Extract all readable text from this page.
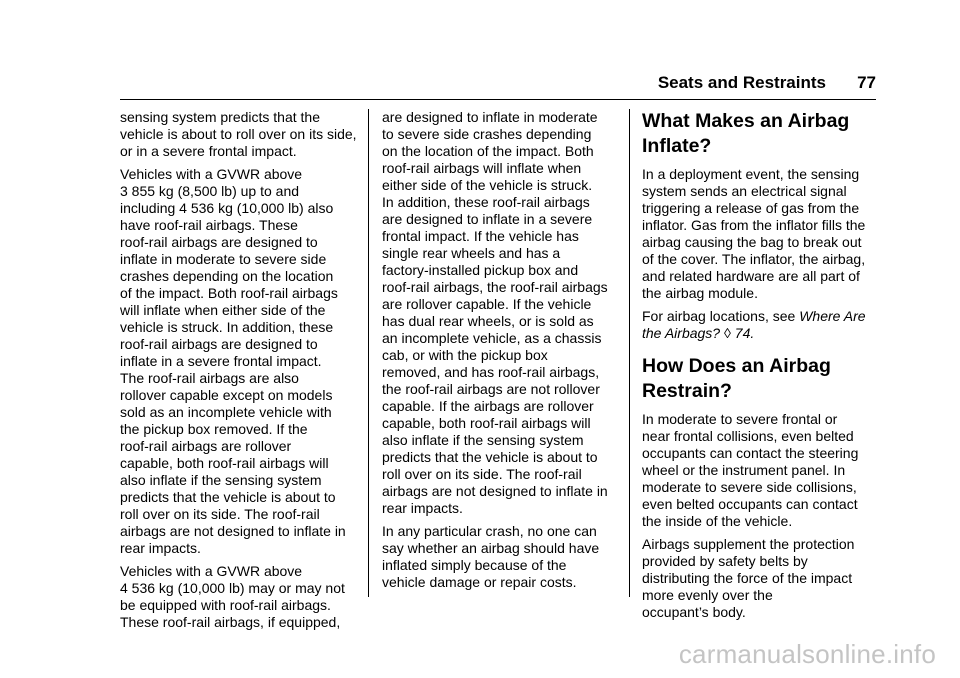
Seats and Restraints 77

sensing system predicts that the vehicle is about to roll over on its side, or in a severe frontal impact.

Vehicles with a GVWR above
3 855 kg (8,500 lb) up to and
including 4 536 kg (10,000 lb) also
have roof-rail airbags. These
roof-rail airbags are designed to
inflate in moderate to severe side
crashes depending on the location
of the impact. Both roof-rail airbags
will inflate when either side of the
vehicle is struck. In addition, these
roof-rail airbags are designed to
inflate in a severe frontal impact.
The roof-rail airbags are also
rollover capable except on models
sold as an incomplete vehicle with
the pickup box removed. If the
roof-rail airbags are rollover
capable, both roof-rail airbags will
also inflate if the sensing system
predicts that the vehicle is about to
roll over on its side. The roof-rail
airbags are not designed to inflate in
rear impacts.

Vehicles with a GVWR above
4 536 kg (10,000 lb) may or may not
be equipped with roof-rail airbags.
These roof-rail airbags, if equipped,

are designed to inflate in moderate
to severe side crashes depending
on the location of the impact. Both
roof-rail airbags will inflate when
either side of the vehicle is struck.
In addition, these roof-rail airbags
are designed to inflate in a severe
frontal impact. If the vehicle has
single rear wheels and has a
factory-installed pickup box and
roof-rail airbags, the roof-rail airbags
are rollover capable. If the vehicle
has dual rear wheels, or is sold as
an incomplete vehicle, as a chassis
cab, or with the pickup box
removed, and has roof-rail airbags,
the roof-rail airbags are not rollover
capable. If the airbags are rollover
capable, both roof-rail airbags will
also inflate if the sensing system
predicts that the vehicle is about to
roll over on its side. The roof-rail
airbags are not designed to inflate in
rear impacts.

In any particular crash, no one can
say whether an airbag should have
inflated simply because of the
vehicle damage or repair costs.

What Makes an Airbag
Inflate?

In a deployment event, the sensing
system sends an electrical signal
triggering a release of gas from the
inflator. Gas from the inflator fills the
airbag causing the bag to break out
of the cover. The inflator, the airbag,
and related hardware are all part of
the airbag module.

For airbag locations, see Where Are
the Airbags? ◊ 74.

How Does an Airbag
Restrain?

In moderate to severe frontal or
near frontal collisions, even belted
occupants can contact the steering
wheel or the instrument panel. In
moderate to severe side collisions,
even belted occupants can contact
the inside of the vehicle.

Airbags supplement the protection
provided by safety belts by
distributing the force of the impact
more evenly over the
occupant’s body.

carmanualsonline.info
